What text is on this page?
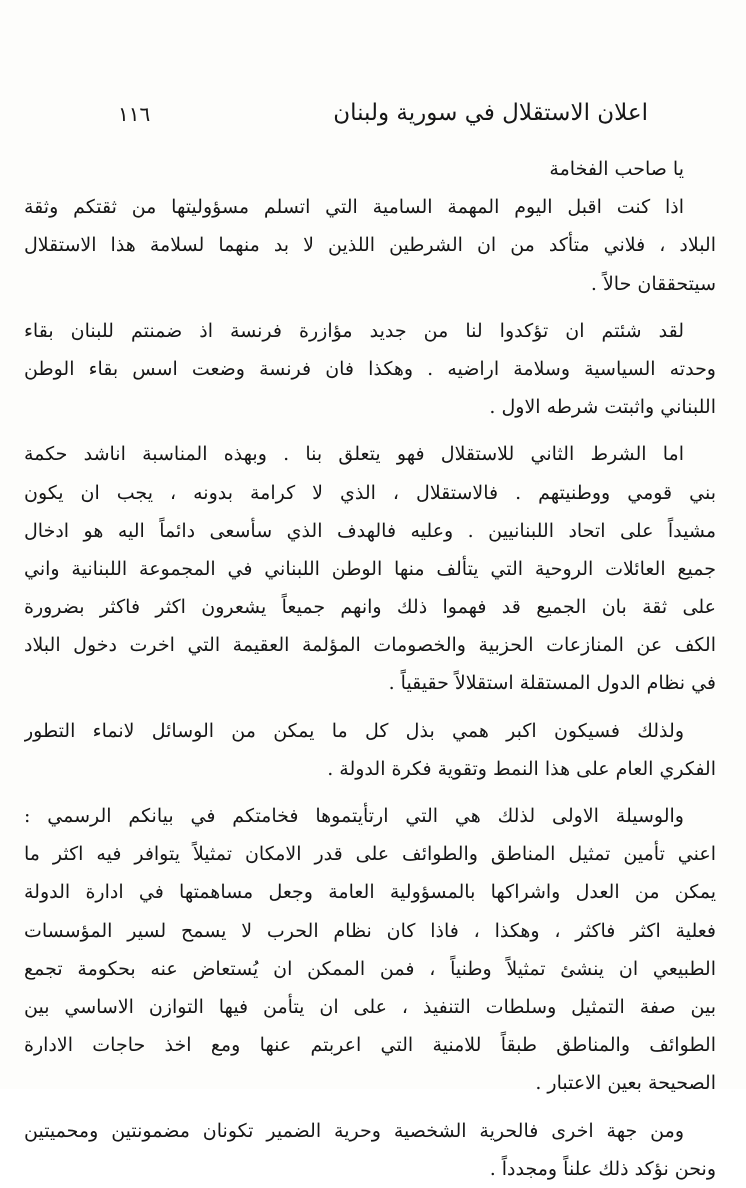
اعلان الاستقلال في سورية ولبنان
١١٦
يا صاحب الفخامة
اذا كنت اقبل اليوم المهمة السامية التي اتسلم مسؤوليتها من ثقتكم وثقة
البلاد ، فلاني متأكد من ان الشرطين اللذين لا بد منهما لسلامة هذا الاستقلال
سيتحققان حالاً .
لقد شئتم ان تؤكدوا لنا من جديد مؤازرة فرنسة اذ ضمنتم للبنان بقاء
وحدته السياسية وسلامة اراضيه . وهكذا فان فرنسة وضعت اسس بقاء الوطن
اللبناني واثبتت شرطه الاول .
اما الشرط الثاني للاستقلال فهو يتعلق بنا . وبهذه المناسبة اناشد حكمة
بني قومي ووطنيتهم . فالاستقلال ، الذي لا كرامة بدونه ، يجب ان يكون
مشيداً على اتحاد اللبنانيين . وعليه فالهدف الذي سأسعى دائماً اليه هو ادخال
جميع العائلات الروحية التي يتألف منها الوطن اللبناني في المجموعة اللبنانية واني
على ثقة بان الجميع قد فهموا ذلك وانهم جميعاً يشعرون اكثر فاكثر بضرورة
الكف عن المنازعات الحزبية والخصومات المؤلمة العقيمة التي اخرت دخول البلاد
في نظام الدول المستقلة استقلالاً حقيقياً .
ولذلك فسيكون اكبر همي بذل كل ما يمكن من الوسائل لانماء التطور
الفكري العام على هذا النمط وتقوية فكرة الدولة .
والوسيلة الاولى لذلك هي التي ارتأيتموها فخامتكم في بيانكم الرسمي :
اعني تأمين تمثيل المناطق والطوائف على قدر الامكان تمثيلاً يتوافر فيه اكثر ما
يمكن من العدل واشراكها بالمسؤولية العامة وجعل مساهمتها في ادارة الدولة
فعلية اكثر فاكثر ، وهكذا ، فاذا كان نظام الحرب لا يسمح لسير المؤسسات
الطبيعي ان ينشئ تمثيلاً وطنياً ، فمن الممكن ان يُستعاض عنه بحكومة تجمع
بين صفة التمثيل وسلطات التنفيذ ، على ان يتأمن فيها التوازن الاساسي بين
الطوائف والمناطق طبقاً للامنية التي اعربتم عنها ومع اخذ حاجات الادارة
الصحيحة بعين الاعتبار .
ومن جهة اخرى فالحرية الشخصية وحرية الضمير تكونان مضمونتين ومحميتين
ونحن نؤكد ذلك علناً ومجدداً .
